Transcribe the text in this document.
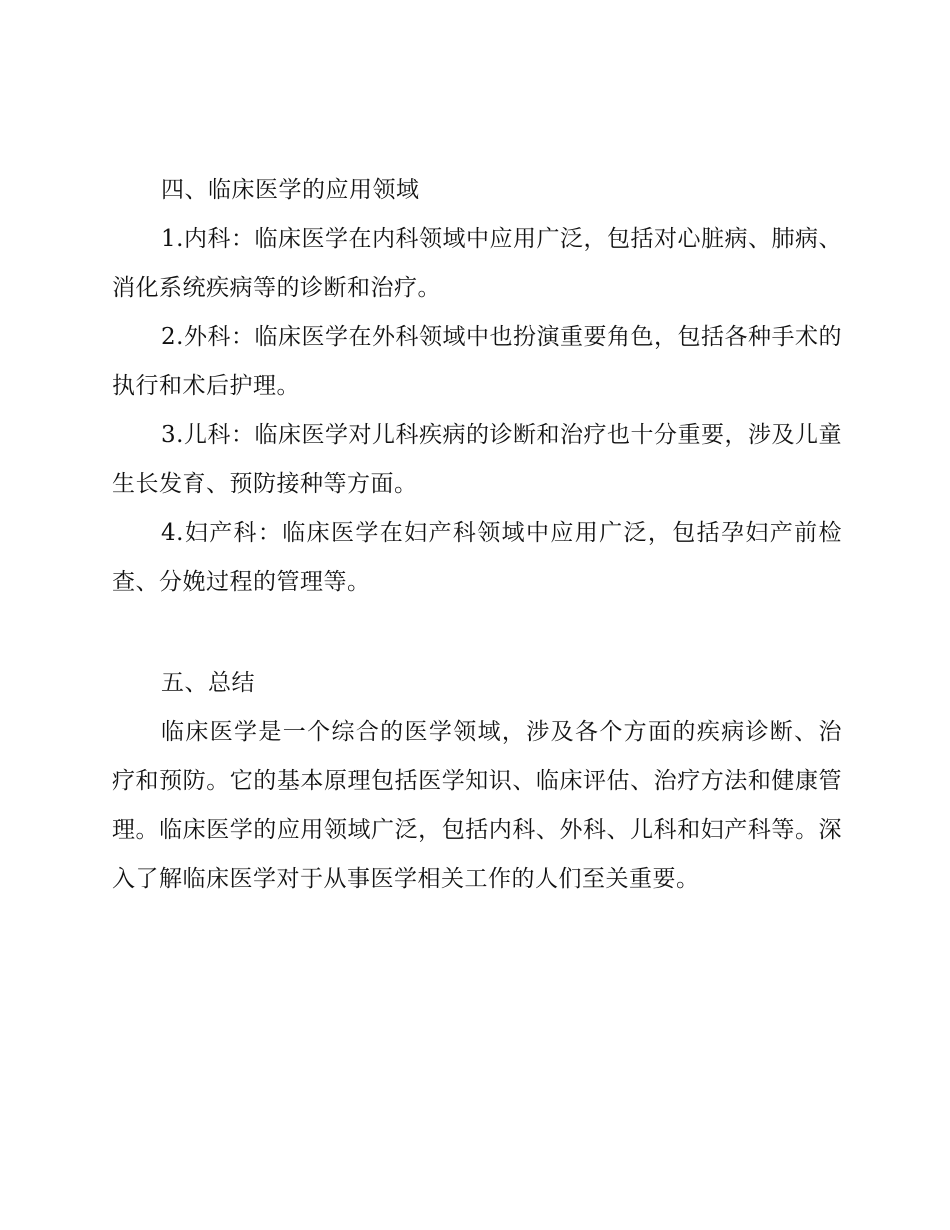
四、临床医学的应用领域

1.内科：临床医学在内科领域中应用广泛，包括对心脏病、肺病、消化系统疾病等的诊断和治疗。

2.外科：临床医学在外科领域中也扮演重要角色，包括各种手术的执行和术后护理。

3.儿科：临床医学对儿科疾病的诊断和治疗也十分重要，涉及儿童生长发育、预防接种等方面。

4.妇产科：临床医学在妇产科领域中应用广泛，包括孕妇产前检查、分娩过程的管理等。

五、总结

临床医学是一个综合的医学领域，涉及各个方面的疾病诊断、治疗和预防。它的基本原理包括医学知识、临床评估、治疗方法和健康管理。临床医学的应用领域广泛，包括内科、外科、儿科和妇产科等。深入了解临床医学对于从事医学相关工作的人们至关重要。
